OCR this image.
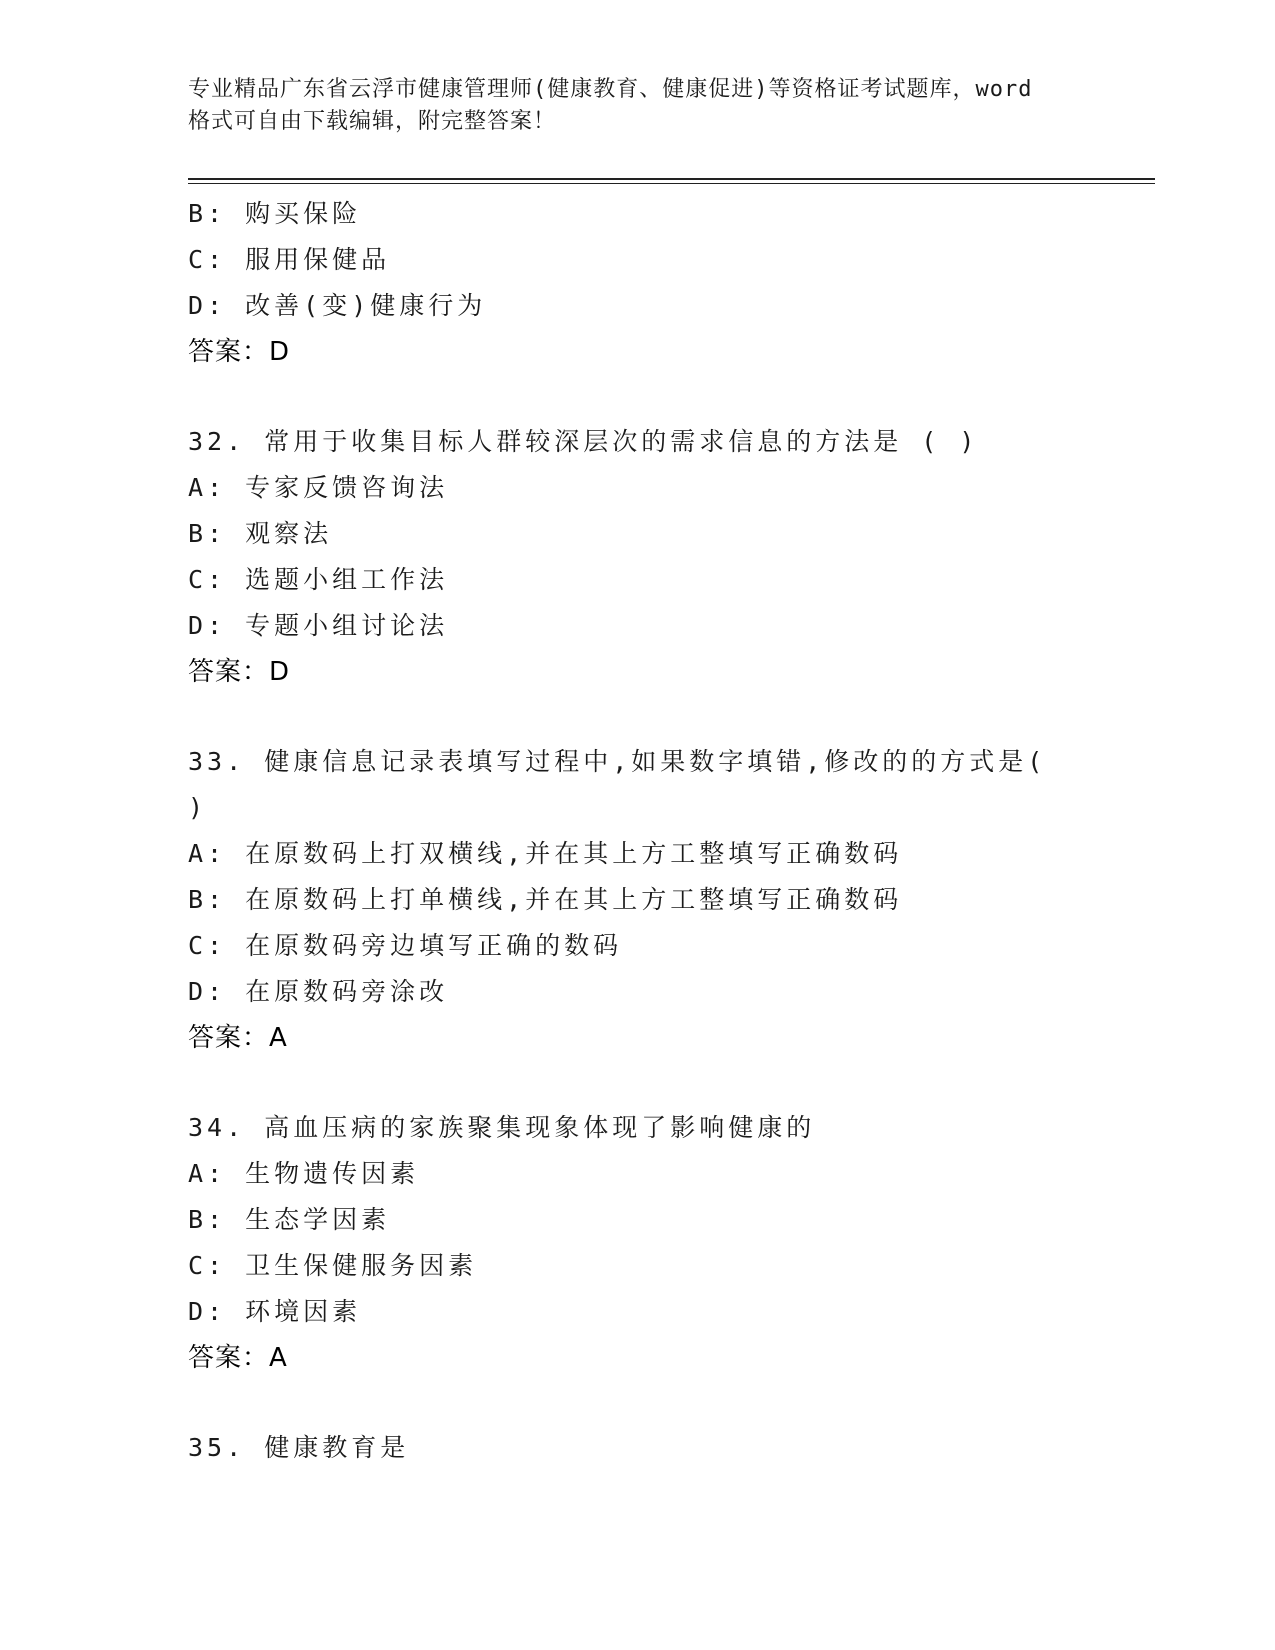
专业精品广东省云浮市健康管理师(健康教育、健康促进)等资格证考试题库，word
格式可自由下载编辑，附完整答案！
B: 购买保险
C: 服用保健品
D: 改善(变)健康行为
答案：D
32. 常用于收集目标人群较深层次的需求信息的方法是 ( )
A: 专家反馈咨询法
B: 观察法
C: 选题小组工作法
D: 专题小组讨论法
答案：D
33. 健康信息记录表填写过程中,如果数字填错,修改的的方式是(
)
A: 在原数码上打双横线,并在其上方工整填写正确数码
B: 在原数码上打单横线,并在其上方工整填写正确数码
C: 在原数码旁边填写正确的数码
D: 在原数码旁涂改
答案：A
34. 高血压病的家族聚集现象体现了影响健康的
A: 生物遗传因素
B: 生态学因素
C: 卫生保健服务因素
D: 环境因素
答案：A
35. 健康教育是
